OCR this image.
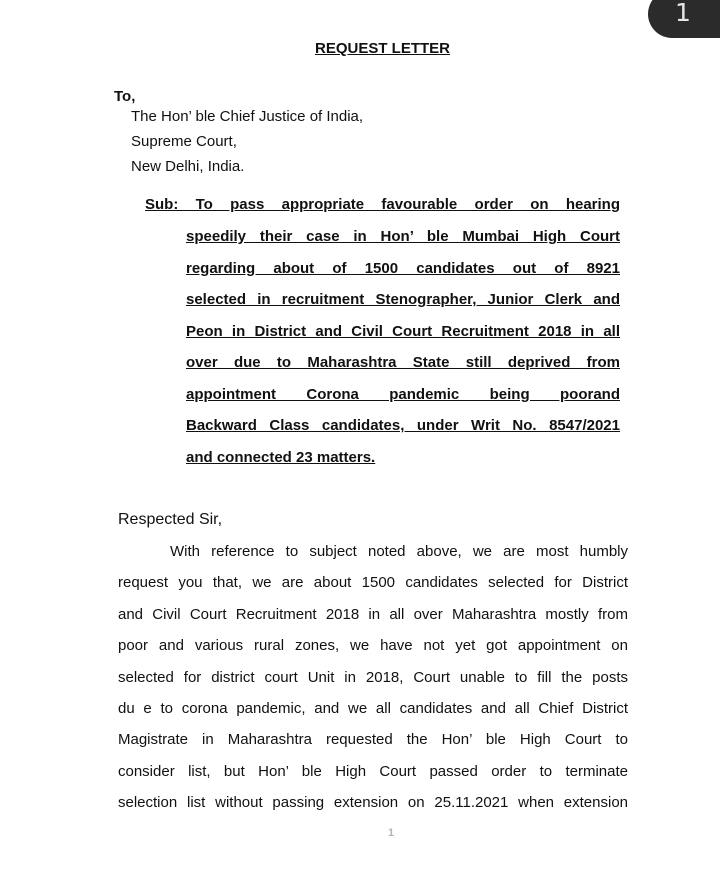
1
REQUEST LETTER
To,
The Hon’ ble Chief Justice of India,
Supreme Court,
New Delhi, India.
Sub: To pass appropriate favourable order on hearing
speedily their case in Hon’ ble Mumbai High Court
regarding about of 1500 candidates out of 8921
selected in recruitment Stenographer, Junior Clerk and
Peon in District and Civil Court Recruitment 2018 in all
over due to Maharashtra State still deprived from
appointment Corona pandemic being poorand
Backward Class candidates, under Writ No. 8547/2021
and connected 23 matters.
Respected Sir,
With reference to subject noted above, we are most humbly
request you that, we are about 1500 candidates selected for District
and Civil Court Recruitment 2018 in all over Maharashtra mostly from
poor and various rural zones, we have not yet got appointment on
selected for district court Unit in 2018, Court unable to fill the posts
du e to corona pandemic, and we all candidates and all Chief District
Magistrate in Maharashtra requested the Hon’ ble High Court to
consider list, but Hon’ ble High Court passed order to terminate
selection list without passing extension on 25.11.2021 when extension
1
